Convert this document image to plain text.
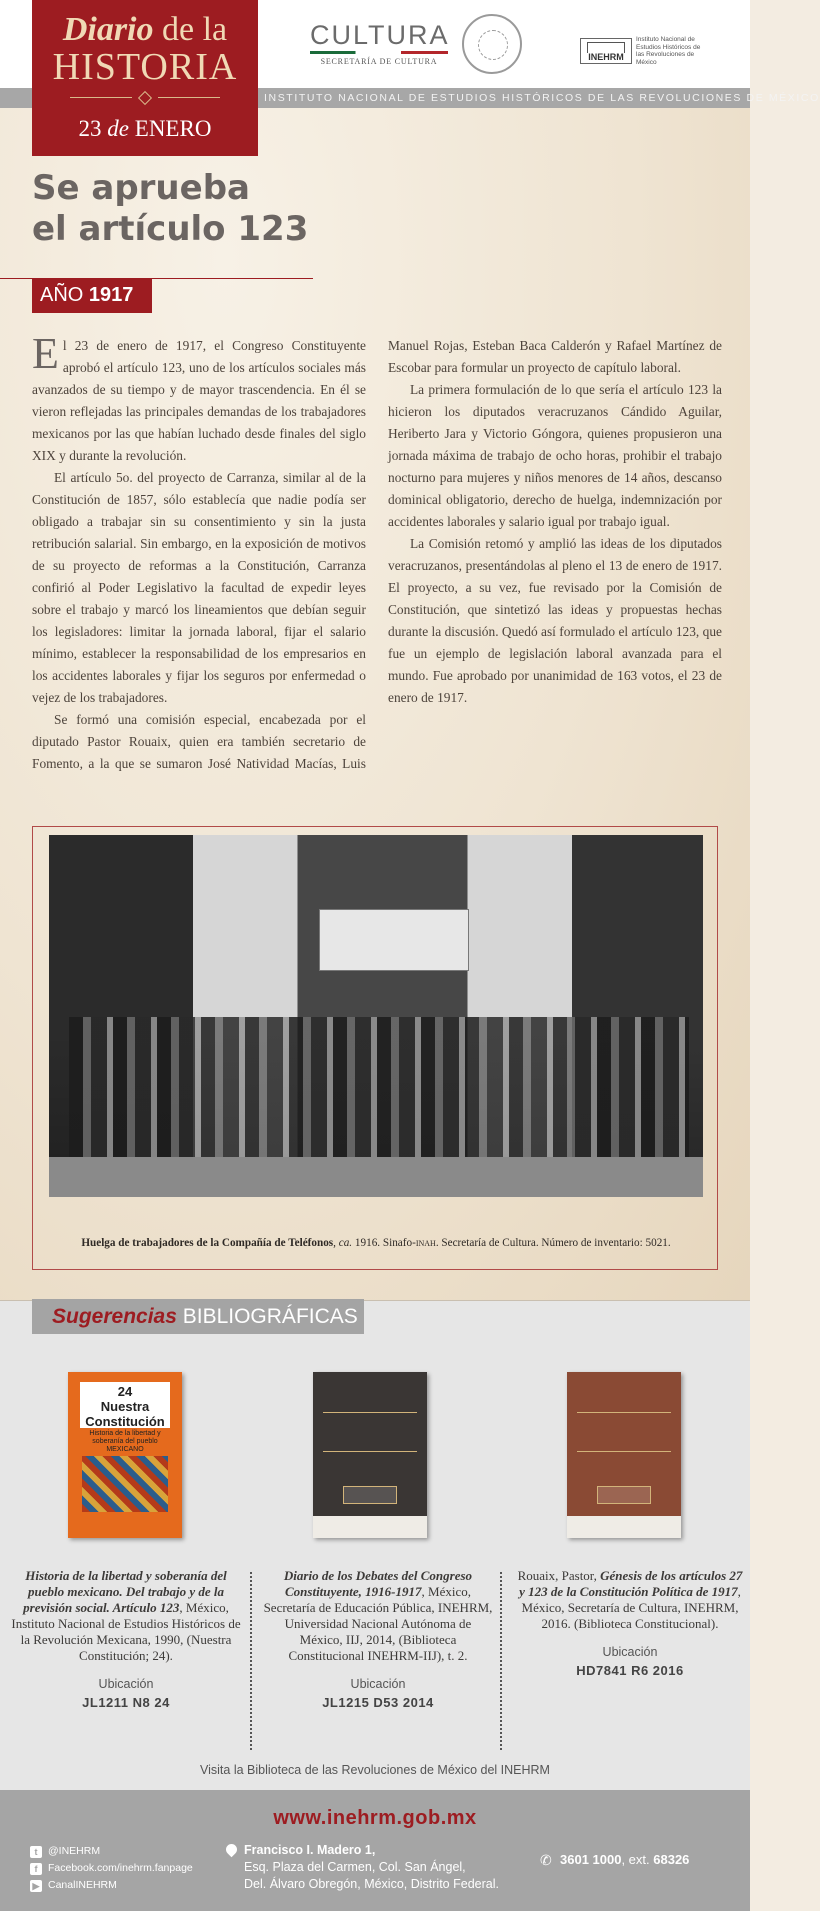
INSTITUTO NACIONAL DE ESTUDIOS HISTÓRICOS DE LAS REVOLUCIONES DE MÉXICO
Diario de la
HISTORIA
23 de ENERO
CULTURA
SECRETARÍA DE CULTURA	INEHRM
Instituto Nacional de Estudios Históricos de las Revoluciones de México
Se aprueba
el artículo 123
AÑO 1917

El 23 de enero de 1917, el Congreso Constituyente aprobó el artículo 123, uno de los artículos sociales más avanzados de su tiempo y de mayor trascendencia. En él se vieron reflejadas las principales demandas de los trabajadores mexicanos por las que habían luchado desde finales del siglo XIX y durante la revolución.

El artículo 5o. del proyecto de Carranza, similar al de la Constitución de 1857, sólo establecía que nadie podía ser obligado a trabajar sin su consentimiento y sin la justa retribución salarial. Sin embargo, en la exposición de motivos de su proyecto de reformas a la Constitución, Carranza confirió al Poder Legislativo la facultad de expedir leyes sobre el trabajo y marcó los lineamientos que debían seguir los legisladores: limitar la jornada laboral, fijar el salario mínimo, establecer la responsabilidad de los empresarios en los accidentes laborales y fijar los seguros por enfermedad o vejez de los trabajadores.

Se formó una comisión especial, encabezada por el diputado Pastor Rouaix, quien era también secretario de Fomento, a la que se sumaron José Natividad Macías, Luis Manuel Rojas, Esteban Baca Calderón y Rafael Martínez de Escobar para formular un proyecto de capítulo laboral.

La primera formulación de lo que sería el artículo 123 la hicieron los diputados veracruzanos Cándido Aguilar, Heriberto Jara y Victorio Góngora, quienes propusieron una jornada máxima de trabajo de ocho horas, prohibir el trabajo nocturno para mujeres y niños menores de 14 años, descanso dominical obligatorio, derecho de huelga, indemnización por accidentes laborales y salario igual por trabajo igual.

La Comisión retomó y amplió las ideas de los diputados veracruzanos, presentándolas al pleno el 13 de enero de 1917. El proyecto, a su vez, fue revisado por la Comisión de Constitución, que sintetizó las ideas y propuestas hechas durante la discusión. Quedó así formulado el artículo 123, que fue un ejemplo de legislación laboral avanzada para el mundo. Fue aprobado por unanimidad de 163 votos, el 23 de enero de 1917.

Huelga de trabajadores de la Compañía de Teléfonos, ca. 1916. Sinafo-inah. Secretaría de Cultura. Número de inventario: 5021.
Sugerencias BIBLIOGRÁFICAS
24
Nuestra Constitución
Historia de la libertad y soberanía del pueblo MEXICANO
Historia de la libertad y soberanía del pueblo mexicano. Del trabajo y de la previsión social. Artículo 123, México, Instituto Nacional de Estudios Históricos de la Revolución Mexicana, 1990, (Nuestra Constitución; 24).
Ubicación
JL1211 N8 24
Diario de los Debates del Congreso Constituyente, 1916-1917, México, Secretaría de Educación Pública, INEHRM, Universidad Nacional Autónoma de México, IIJ, 2014, (Biblioteca Constitucional INEHRM-IIJ), t. 2.
Ubicación
JL1215 D53 2014
Rouaix, Pastor, Génesis de los artículos 27 y 123 de la Constitución Política de 1917, México, Secretaría de Cultura, INEHRM, 2016. (Biblioteca Constitucional).
Ubicación
HD7841 R6 2016
Visita la Biblioteca de las Revoluciones de México del INEHRM
www.inehrm.gob.mx
t	@INEHRM
f	Facebook.com/inehrm.fanpage
▶ Canal INEHRM
Francisco I. Madero 1,
Esq. Plaza del Carmen, Col. San Ángel,
Del. Álvaro Obregón, México, Distrito Federal.
✆ 3601 1000, ext. 68326
